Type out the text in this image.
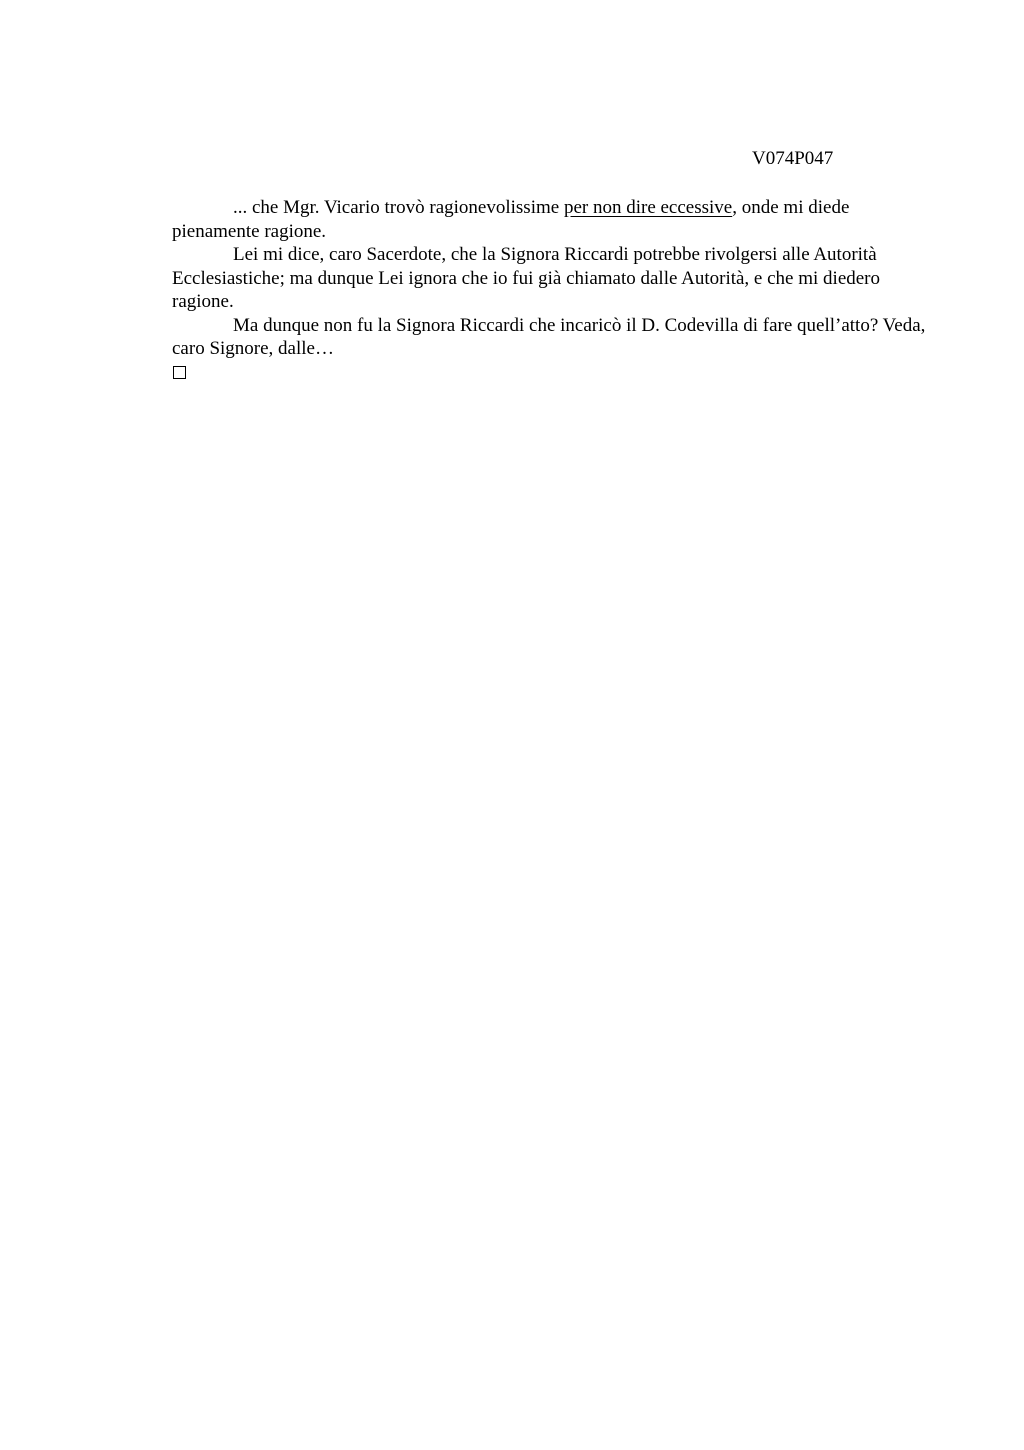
V074P047

... che Mgr. Vicario trovò ragionevolissime per non dire eccessive, onde mi diede pienamente ragione.

Lei mi dice, caro Sacerdote, che la Signora Riccardi potrebbe rivolgersi alle Autorità Ecclesiastiche; ma dunque Lei ignora che io fui già chiamato dalle Autorità, e che mi diedero ragione.

Ma dunque non fu la Signora Riccardi che incaricò il D. Codevilla di fare quell’atto? Veda, caro Signore, dalle…
